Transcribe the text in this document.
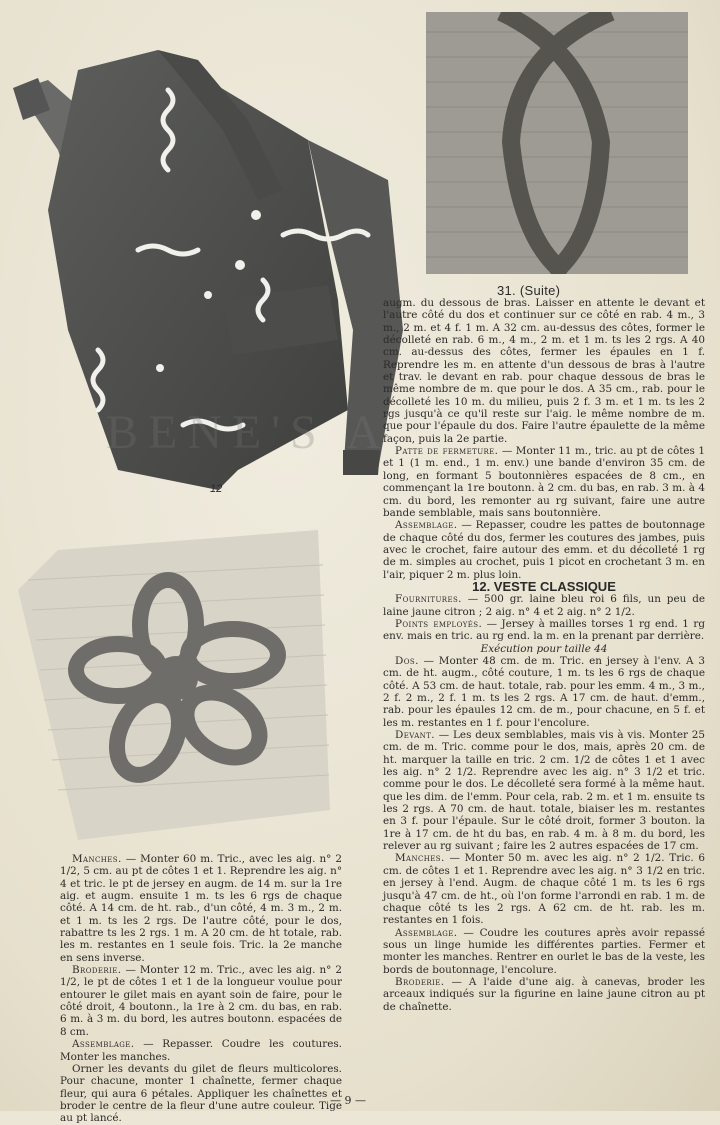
12
31. (Suite)
BENE'S A

augm. du dessous de bras. Laisser en attente le devant et l'autre côté du dos et continuer sur ce côté en rab. 4 m., 3 m., 2 m. et 4 f. 1 m. A 32 cm. au-dessus des côtes, former le décolleté en rab. 6 m., 4 m., 2 m. et 1 m. ts les 2 rgs. A 40 cm. au-dessus des côtes, fermer les épaules en 1 f. Reprendre les m. en attente d'un dessous de bras à l'autre et trav. le devant en rab. pour chaque dessous de bras le même nombre de m. que pour le dos. A 35 cm., rab. pour le décolleté les 10 m. du milieu, puis 2 f. 3 m. et 1 m. ts les 2 rgs jusqu'à ce qu'il reste sur l'aig. le même nombre de m. que pour l'épaule du dos. Faire l'autre épaulette de la même façon, puis la 2e partie.

Patte de fermeture. — Monter 11 m., tric. au pt de côtes 1 et 1 (1 m. end., 1 m. env.) une bande d'environ 35 cm. de long, en formant 5 boutonnières espacées de 8 cm., en commençant la 1re boutonn. à 2 cm. du bas, en rab. 3 m. à 4 cm. du bord, les remonter au rg suivant, faire une autre bande semblable, mais sans boutonnière.

Assemblage. — Repasser, coudre les pattes de boutonnage de chaque côté du dos, fermer les coutures des jambes, puis avec le crochet, faire autour des emm. et du décolleté 1 rg de m. simples au crochet, puis 1 picot en crochetant 3 m. en l'air, piquer 2 m. plus loin.

12. VESTE CLASSIQUE

Fournitures. — 500 gr. laine bleu roi 6 fils, un peu de laine jaune citron ; 2 aig. n° 4 et 2 aig. n° 2 1/2.

Points employés. — Jersey à mailles torses 1 rg end. 1 rg env. mais en tric. au rg end. la m. en la prenant par derrière.

Exécution pour taille 44

Dos. — Monter 48 cm. de m. Tric. en jersey à l'env. A 3 cm. de ht. augm., côté couture, 1 m. ts les 6 rgs de chaque côté. A 53 cm. de haut. totale, rab. pour les emm. 4 m., 3 m., 2 f. 2 m., 2 f. 1 m. ts les 2 rgs. A 17 cm. de haut. d'emm., rab. pour les épaules 12 cm. de m., pour chacune, en 5 f. et les m. restantes en 1 f. pour l'encolure.

Devant. — Les deux semblables, mais vis à vis. Monter 25 cm. de m. Tric. comme pour le dos, mais, après 20 cm. de ht. marquer la taille en tric. 2 cm. 1/2 de côtes 1 et 1 avec les aig. n° 2 1/2. Reprendre avec les aig. n° 3 1/2 et tric. comme pour le dos. Le décolleté sera formé à la même haut. que les dim. de l'emm. Pour cela, rab. 2 m. et 1 m. ensuite ts les 2 rgs. A 70 cm. de haut. totale, biaiser les m. restantes en 3 f. pour l'épaule. Sur le côté droit, former 3 bouton. la 1re à 17 cm. de ht du bas, en rab. 4 m. à 8 m. du bord, les relever au rg suivant ; faire les 2 autres espacées de 17 cm.

Manches. — Monter 50 m. avec les aig. n° 2 1/2. Tric. 6 cm. de côtes 1 et 1. Reprendre avec les aig. n° 3 1/2 en tric. en jersey à l'end. Augm. de chaque côté 1 m. ts les 6 rgs jusqu'à 47 cm. de ht., où l'on forme l'arrondi en rab. 1 m. de chaque côté ts les 2 rgs. A 62 cm. de ht. rab. les m. restantes en 1 fois.

Assemblage. — Coudre les coutures après avoir repassé sous un linge humide les différentes parties. Fermer et monter les manches. Rentrer en ourlet le bas de la veste, les bords de boutonnage, l'encolure.

Broderie. — A l'aide d'une aig. à canevas, broder les arceaux indiqués sur la figurine en laine jaune citron au pt de chaînette.

Manches. — Monter 60 m. Tric., avec les aig. n° 2 1/2, 5 cm. au pt de côtes 1 et 1. Reprendre les aig. n° 4 et tric. le pt de jersey en augm. de 14 m. sur la 1re aig. et augm. ensuite 1 m. ts les 6 rgs de chaque côté. A 14 cm. de ht. rab., d'un côté, 4 m. 3 m., 2 m. et 1 m. ts les 2 rgs. De l'autre côté, pour le dos, rabattre ts les 2 rgs. 1 m. A 20 cm. de ht totale, rab. les m. restantes en 1 seule fois. Tric. la 2e manche en sens inverse.

Broderie. — Monter 12 m. Tric., avec les aig. n° 2 1/2, le pt de côtes 1 et 1 de la longueur voulue pour entourer le gilet mais en ayant soin de faire, pour le côté droit, 4 boutonn., la 1re à 2 cm. du bas, en rab. 6 m. à 3 m. du bord, les autres boutonn. espacées de 8 cm.

Assemblage. — Repasser. Coudre les coutures. Monter les manches.

Orner les devants du gilet de fleurs multicolores. Pour chacune, monter 1 chaînette, fermer chaque fleur, qui aura 6 pétales. Appliquer les chaînettes et broder le centre de la fleur d'une autre couleur. Tige au pt lancé.

— 9 —
